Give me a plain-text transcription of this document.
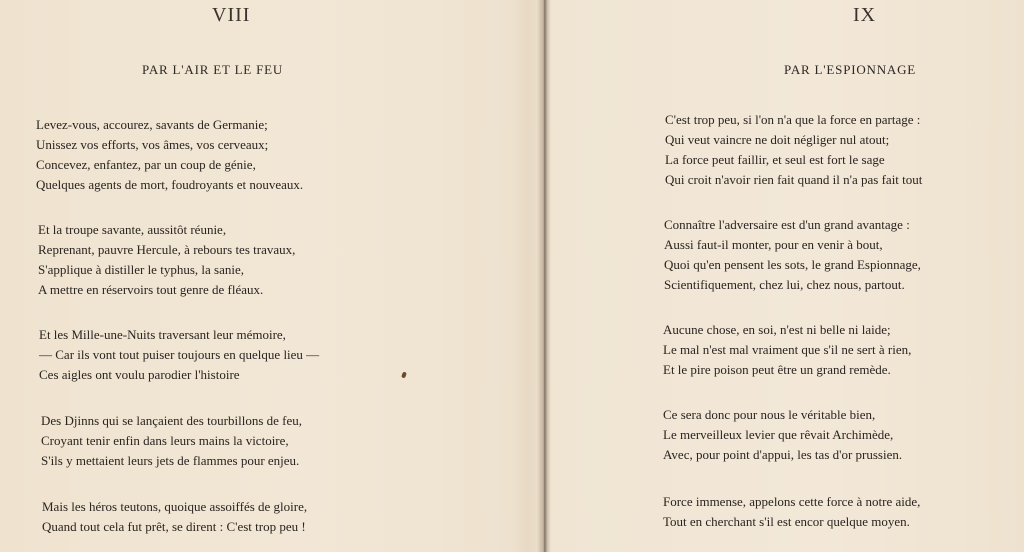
VIII
PAR L'AIR ET LE FEU
Levez-vous, accourez, savants de Germanie;
Unissez vos efforts, vos âmes, vos cerveaux;
Concevez, enfantez, par un coup de génie,
Quelques agents de mort, foudroyants et nouveaux.
Et la troupe savante, aussitôt réunie,
Reprenant, pauvre Hercule, à rebours tes travaux,
S'applique à distiller le typhus, la sanie,
A mettre en réservoirs tout genre de fléaux.
Et les Mille-une-Nuits traversant leur mémoire,
— Car ils vont tout puiser toujours en quelque lieu —
Ces aigles ont voulu parodier l'histoire
Des Djinns qui se lançaient des tourbillons de feu,
Croyant tenir enfin dans leurs mains la victoire,
S'ils y mettaient leurs jets de flammes pour enjeu.
Mais les héros teutons, quoique assoiffés de gloire,
Quand tout cela fut prêt, se dirent : C'est trop peu !
IX
PAR L'ESPIONNAGE
C'est trop peu, si l'on n'a que la force en partage :
Qui veut vaincre ne doit négliger nul atout;
La force peut faillir, et seul est fort le sage
Qui croit n'avoir rien fait quand il n'a pas fait tout
Connaître l'adversaire est d'un grand avantage :
Aussi faut-il monter, pour en venir à bout,
Quoi qu'en pensent les sots, le grand Espionnage,
Scientifiquement, chez lui, chez nous, partout.
Aucune chose, en soi, n'est ni belle ni laide;
Le mal n'est mal vraiment que s'il ne sert à rien,
Et le pire poison peut être un grand remède.
Ce sera donc pour nous le véritable bien,
Le merveilleux levier que rêvait Archimède,
Avec, pour point d'appui, les tas d'or prussien.
Force immense, appelons cette force à notre aide,
Tout en cherchant s'il est encor quelque moyen.
